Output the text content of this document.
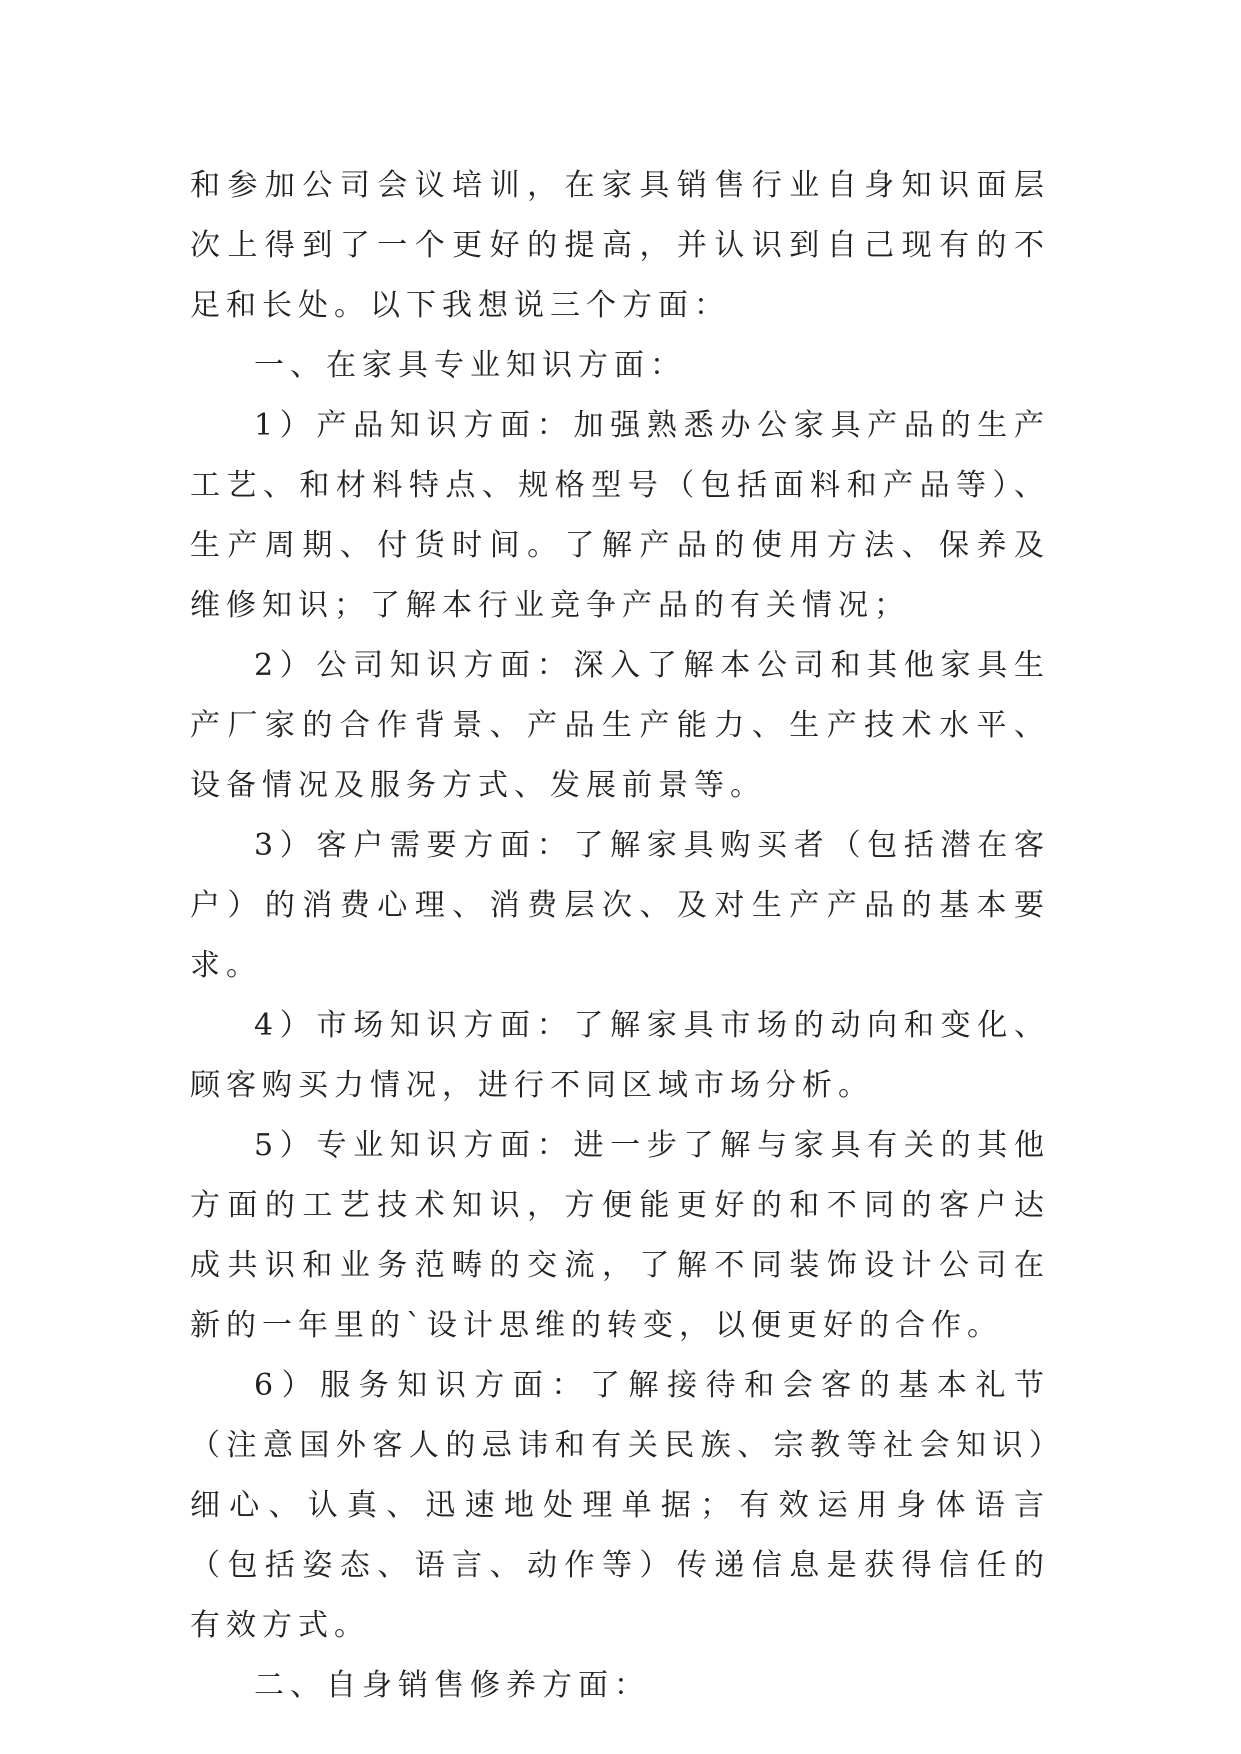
和参加公司会议培训，在家具销售行业自身知识面层次上得到了一个更好的提高，并认识到自己现有的不足和长处。以下我想说三个方面：

一、在家具专业知识方面：

1）产品知识方面：加强熟悉办公家具产品的生产工艺、和材料特点、规格型号（包括面料和产品等）、生产周期、付货时间。了解产品的使用方法、保养及维修知识；了解本行业竞争产品的有关情况；

2）公司知识方面：深入了解本公司和其他家具生产厂家的合作背景、产品生产能力、生产技术水平、设备情况及服务方式、发展前景等。

3）客户需要方面：了解家具购买者（包括潜在客户）的消费心理、消费层次、及对生产产品的基本要求。

4）市场知识方面：了解家具市场的动向和变化、顾客购买力情况，进行不同区域市场分析。

5）专业知识方面：进一步了解与家具有关的其他方面的工艺技术知识，方便能更好的和不同的客户达成共识和业务范畴的交流，了解不同装饰设计公司在新的一年里的`设计思维的转变，以便更好的合作。

6）服务知识方面：了解接待和会客的基本礼节（注意国外客人的忌讳和有关民族、宗教等社会知识）细心、认真、迅速地处理单据；有效运用身体语言（包括姿态、语言、动作等）传递信息是获得信任的有效方式。

二、自身销售修养方面：
